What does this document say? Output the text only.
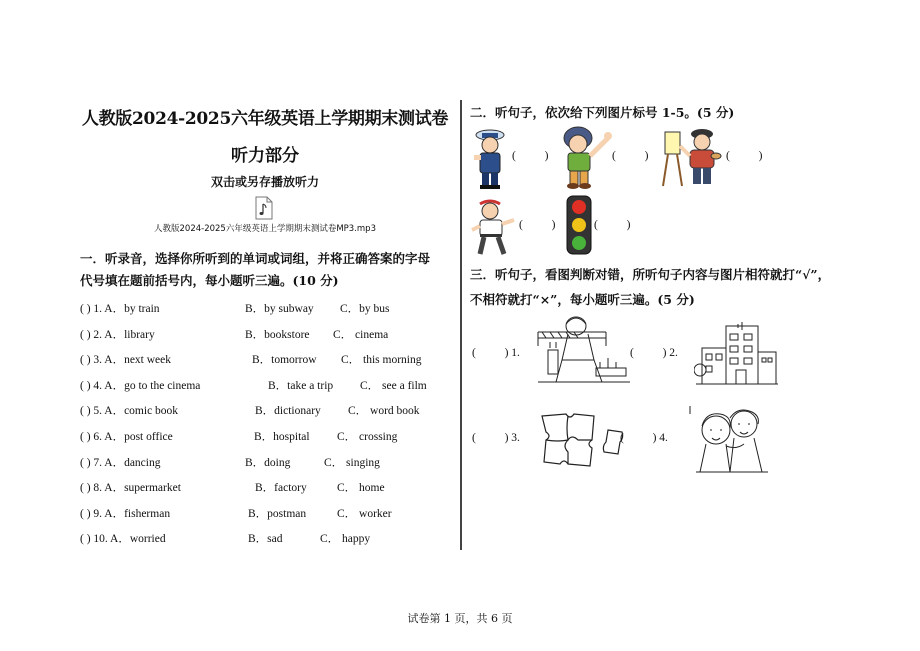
人教版2024-2025六年级英语上学期期末测试卷
听力部分
双击或另存播放听力
人教版2024-2025六年级英语上学期期末测试卷MP3.mp3
一．听录音，选择你所听到的单词或词组，并将正确答案的字母
代号填在题前括号内，每小题听三遍。(10 分)
( ) 1. A．by train	B．by subway C．by bus
( ) 2. A．library	B．bookstore C． cinema
( ) 3. A．next week	B．tomorrow C． this morning
( ) 4. A．go to the cinema	B．take a trip C． see a film
( ) 5. A．comic book	B．dictionary C． word book
( ) 6. A．post office	B．hospital C． crossing
( ) 7. A．dancing	B．doing	C． singing
( ) 8. A．supermarket	B．factory	C． home
( ) 9. A．fisherman	B．postman	C． worker
( ) 10. A．worried	B．sad	C． happy
二．听句子，依次给下列图片标号 1-5。(5 分)
(          )	(          )	(          )
(          )	(          )
三．听句子，看图判断对错，所听句子内容与图片相符就打“√”，
不相符就打“×”，每小题听三遍。(5 分)
(          ) 1.	(          ) 2.
(          ) 3.	(          ) 4.
试卷第 1 页，共 6 页
